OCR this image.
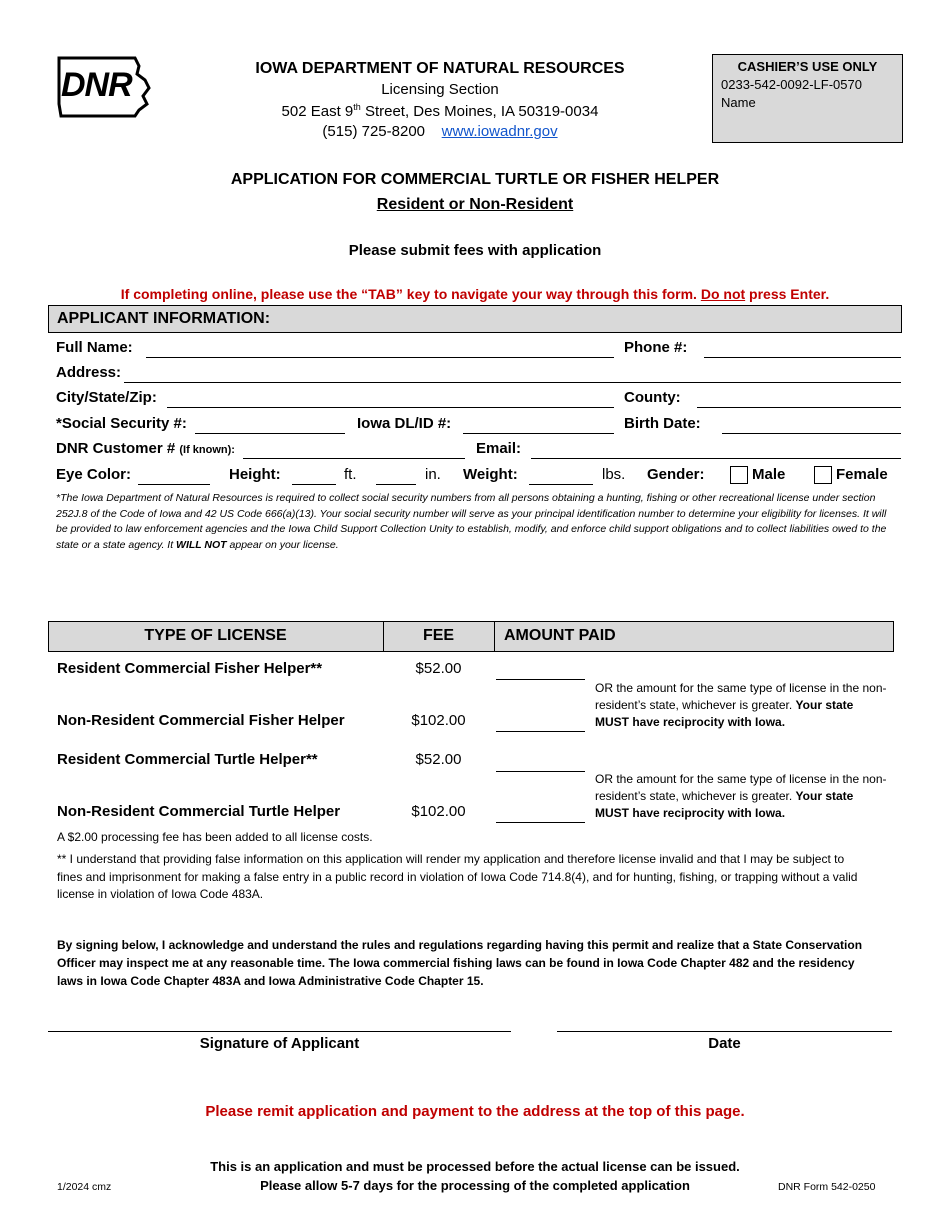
DNR	IOWA DEPARTMENT OF NATURAL RESOURCES
Licensing Section
502 East 9th Street, Des Moines, IA 50319-0034
(515) 725-8200 www.iowadnr.gov
CASHIER’S USE ONLY
0233-542-0092-LF-0570
Name
APPLICATION FOR COMMERCIAL TURTLE OR FISHER HELPER
Resident or Non-Resident
Please submit fees with application
If completing online, please use the “TAB” key to navigate your way through this form. Do not press Enter.
APPLICANT INFORMATION:
Full Name:	Phone #:
Address:
City/State/Zip:	County:
*Social Security #:	Iowa DL/ID #:	Birth Date:
DNR Customer # (If known):	Email:
Eye Color:	Height:	ft.	in. Weight:	lbs. Gender:	Male	Female
*The Iowa Department of Natural Resources is required to collect social security numbers from all persons obtaining a hunting, fishing or other recreational license under section 252J.8 of the Code of Iowa and 42 US Code 666(a)(13). Your social security number will serve as your principal identification number to determine your eligibility for licenses. It will be provided to law enforcement agencies and the Iowa Child Support Collection Unity to establish, modify, and enforce child support obligations and to collect liabilities owed to the state or a state agency. It WILL NOT appear on your license.
TYPE OF LICENSE	FEE	AMOUNT PAID
Resident Commercial Fisher Helper**	$52.00
Non-Resident Commercial Fisher Helper	$102.00
OR the amount for the same type of license in the non-resident’s state, whichever is greater. Your state MUST have reciprocity with Iowa.
Resident Commercial Turtle Helper**	$52.00
Non-Resident Commercial Turtle Helper	$102.00
OR the amount for the same type of license in the non-resident’s state, whichever is greater. Your state MUST have reciprocity with Iowa.
A $2.00 processing fee has been added to all license costs.
** I understand that providing false information on this application will render my application and therefore license invalid and that I may be subject to fines and imprisonment for making a false entry in a public record in violation of Iowa Code 714.8(4), and for hunting, fishing, or trapping without a valid license in violation of Iowa Code 483A.
By signing below, I acknowledge and understand the rules and regulations regarding having this permit and realize that a State Conservation Officer may inspect me at any reasonable time. The Iowa commercial fishing laws can be found in Iowa Code Chapter 482 and the residency laws in Iowa Code Chapter 483A and Iowa Administrative Code Chapter 15.
Signature of Applicant	Date
Please remit application and payment to the address at the top of this page.
This is an application and must be processed before the actual license can be issued.
Please allow 5-7 days for the processing of the completed application
1/2024 cmz	DNR Form 542-0250
